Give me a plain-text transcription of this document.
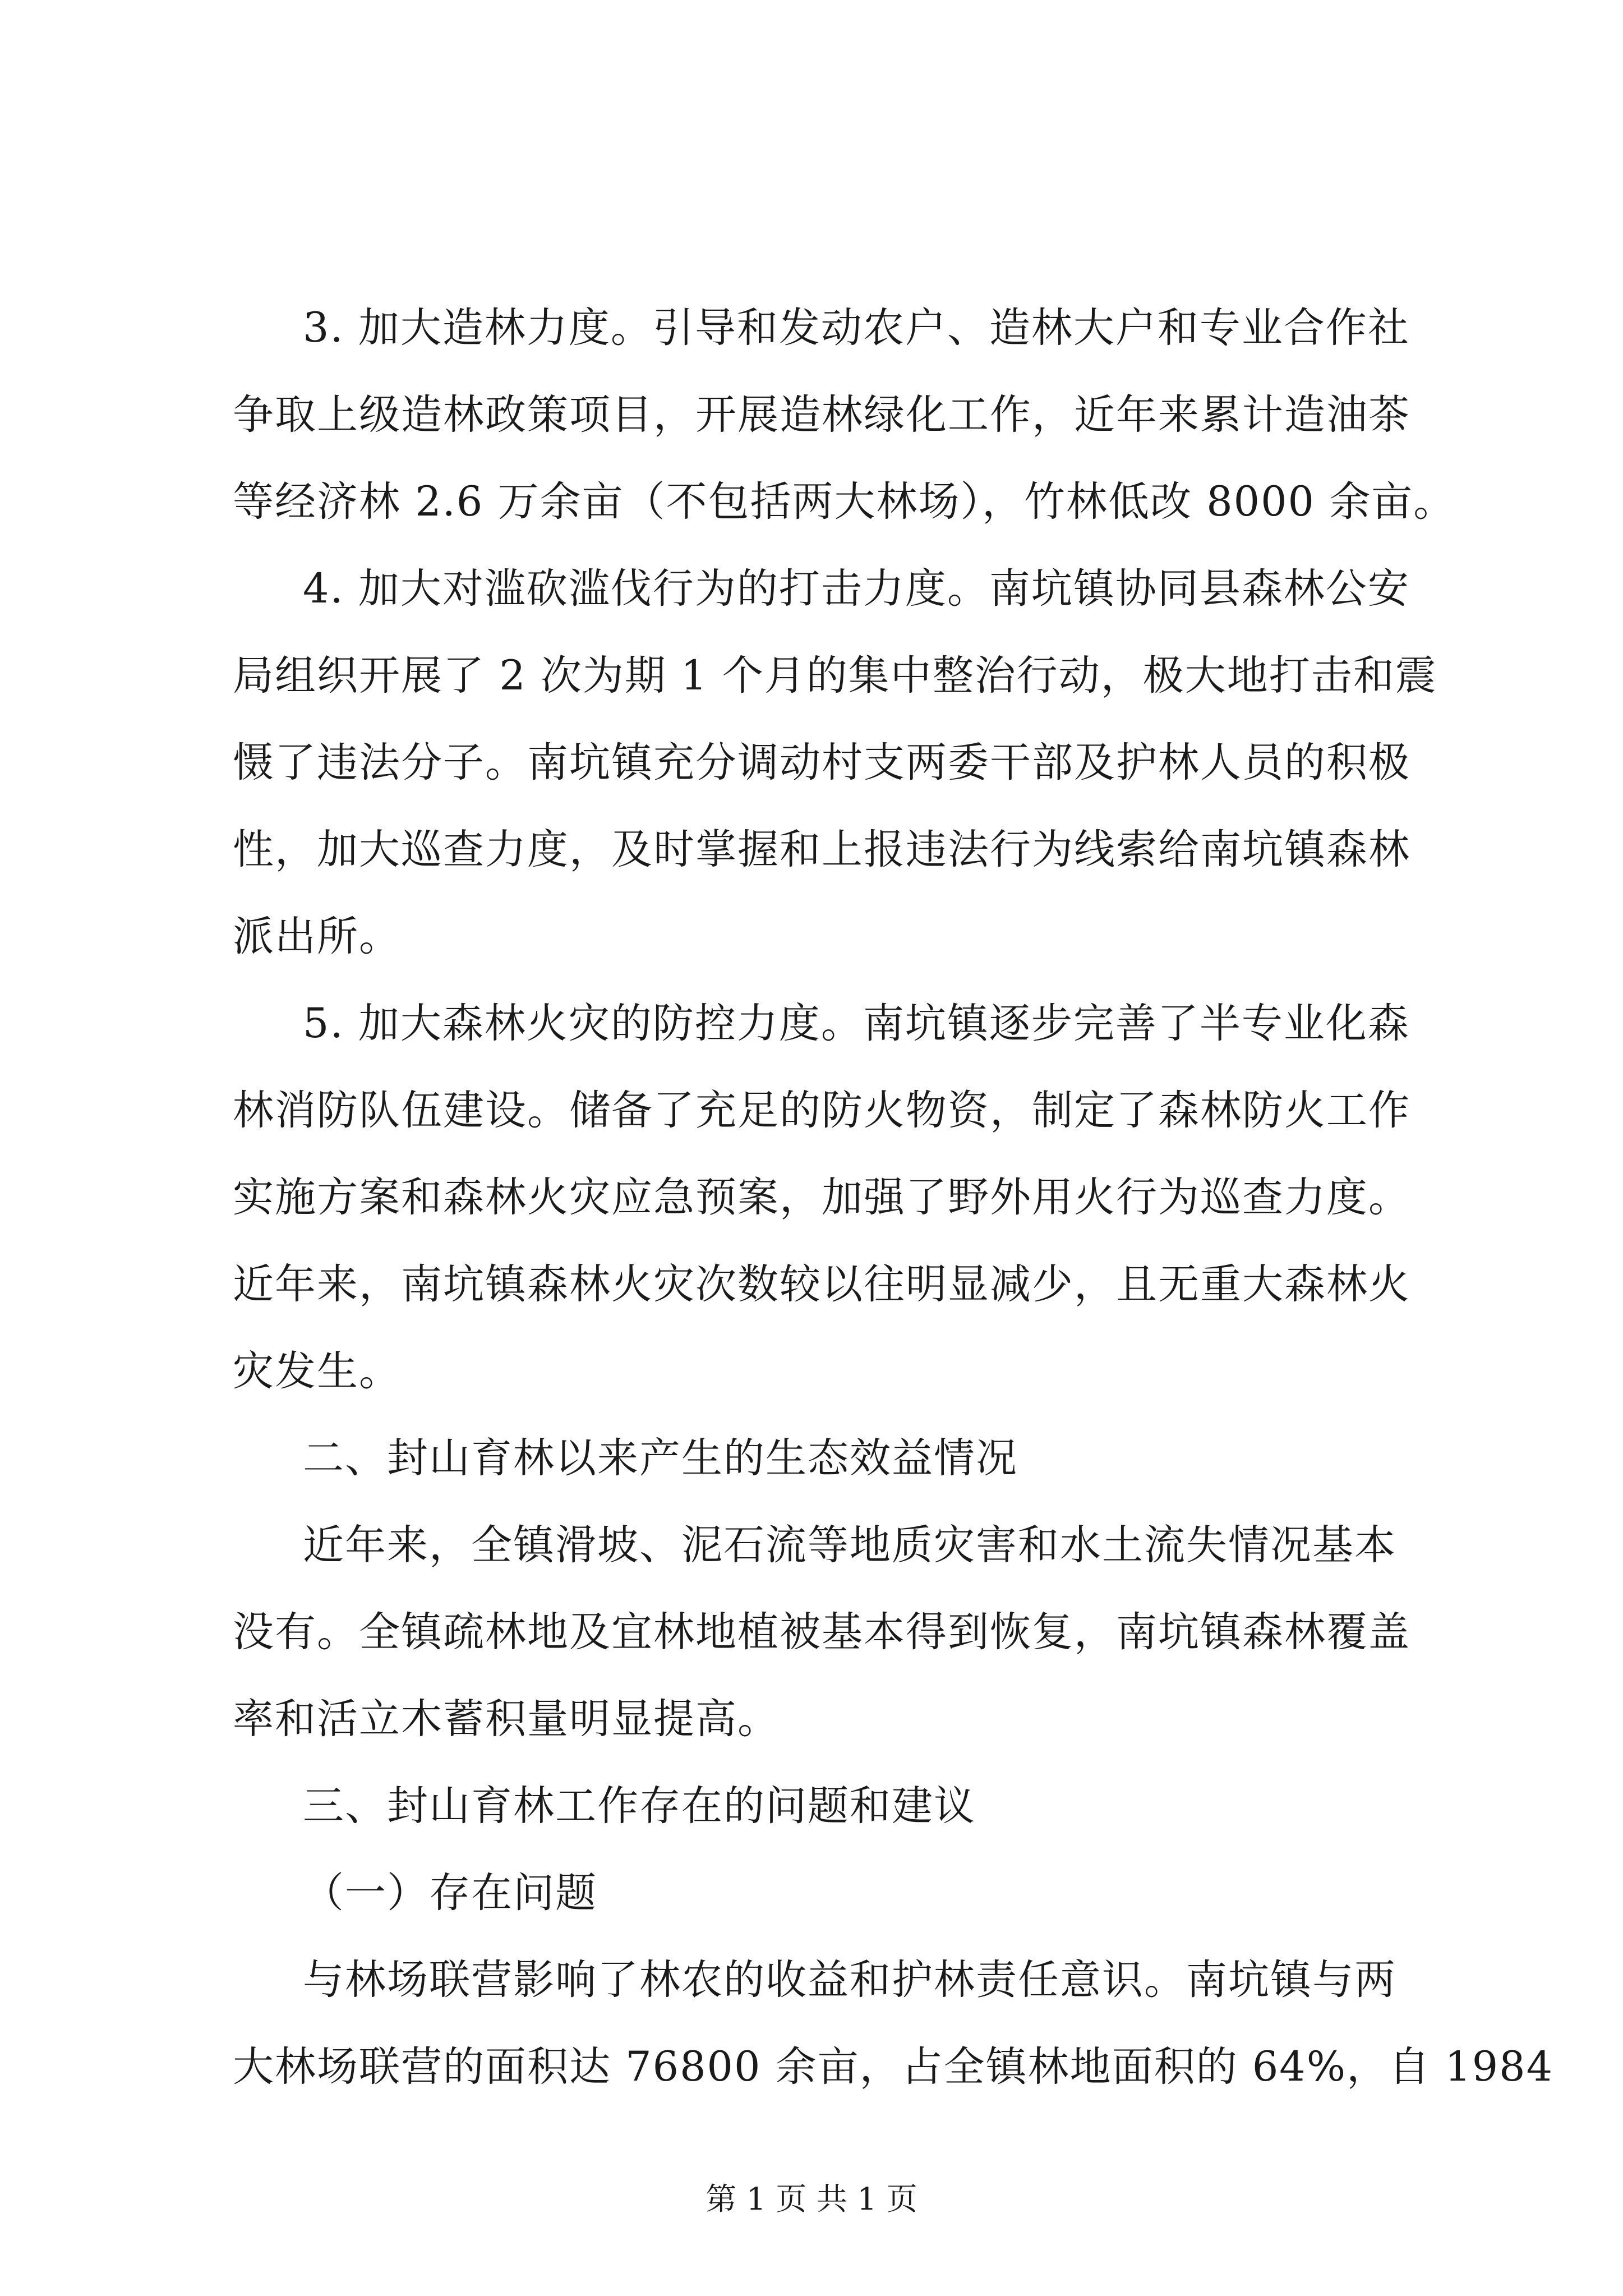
3. 加大造林力度。引导和发动农户、造林大户和专业合作社
争取上级造林政策项目，开展造林绿化工作，近年来累计造油茶
等经济林 2.6 万余亩（不包括两大林场），竹林低改 8000 余亩。
4. 加大对滥砍滥伐行为的打击力度。南坑镇协同县森林公安
局组织开展了 2 次为期 1 个月的集中整治行动，极大地打击和震
慑了违法分子。南坑镇充分调动村支两委干部及护林人员的积极
性，加大巡查力度，及时掌握和上报违法行为线索给南坑镇森林
派出所。
5. 加大森林火灾的防控力度。南坑镇逐步完善了半专业化森
林消防队伍建设。储备了充足的防火物资，制定了森林防火工作
实施方案和森林火灾应急预案，加强了野外用火行为巡查力度。
近年来，南坑镇森林火灾次数较以往明显减少，且无重大森林火
灾发生。
二、封山育林以来产生的生态效益情况
近年来，全镇滑坡、泥石流等地质灾害和水土流失情况基本
没有。全镇疏林地及宜林地植被基本得到恢复，南坑镇森林覆盖
率和活立木蓄积量明显提高。
三、封山育林工作存在的问题和建议
（一）存在问题
与林场联营影响了林农的收益和护林责任意识。南坑镇与两
大林场联营的面积达 76800 余亩，占全镇林地面积的 64%，自 1984
第 1 页 共 1 页
